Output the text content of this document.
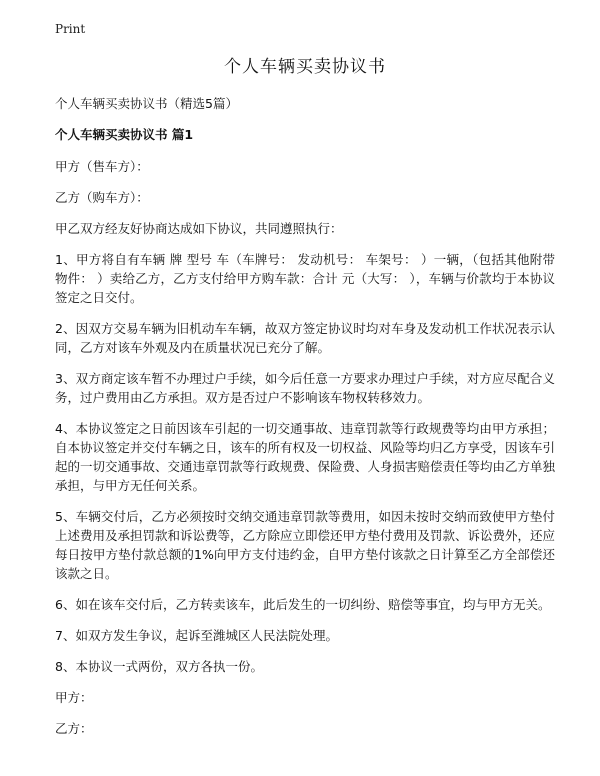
Print
个人车辆买卖协议书

个人车辆买卖协议书（精选5篇）

个人车辆买卖协议书 篇1

甲方（售车方）：

乙方（购车方）：

甲乙双方经友好协商达成如下协议，共同遵照执行：

1、甲方将自有车辆 牌 型号 车（车牌号： 发动机号： 车架号： ）一辆，（包括其他附带物件： ）卖给乙方，乙方支付给甲方购车款：合计 元（大写： ），车辆与价款均于本协议签定之日交付。

2、因双方交易车辆为旧机动车车辆，故双方签定协议时均对车身及发动机工作状况表示认同，乙方对该车外观及内在质量状况已充分了解。

3、双方商定该车暂不办理过户手续，如今后任意一方要求办理过户手续，对方应尽配合义务，过户费用由乙方承担。双方是否过户不影响该车物权转移效力。

4、本协议签定之日前因该车引起的一切交通事故、违章罚款等行政规费等均由甲方承担；自本协议签定并交付车辆之日，该车的所有权及一切权益、风险等均归乙方享受，因该车引起的一切交通事故、交通违章罚款等行政规费、保险费、人身损害赔偿责任等均由乙方单独承担，与甲方无任何关系。

5、车辆交付后，乙方必须按时交纳交通违章罚款等费用，如因未按时交纳而致使甲方垫付上述费用及承担罚款和诉讼费等，乙方除应立即偿还甲方垫付费用及罚款、诉讼费外，还应每日按甲方垫付款总额的1%向甲方支付违约金，自甲方垫付该款之日计算至乙方全部偿还该款之日。

6、如在该车交付后，乙方转卖该车，此后发生的一切纠纷、赔偿等事宜，均与甲方无关。

7、如双方发生争议，起诉至潍城区人民法院处理。

8、本协议一式两份，双方各执一份。

甲方：

乙方：
